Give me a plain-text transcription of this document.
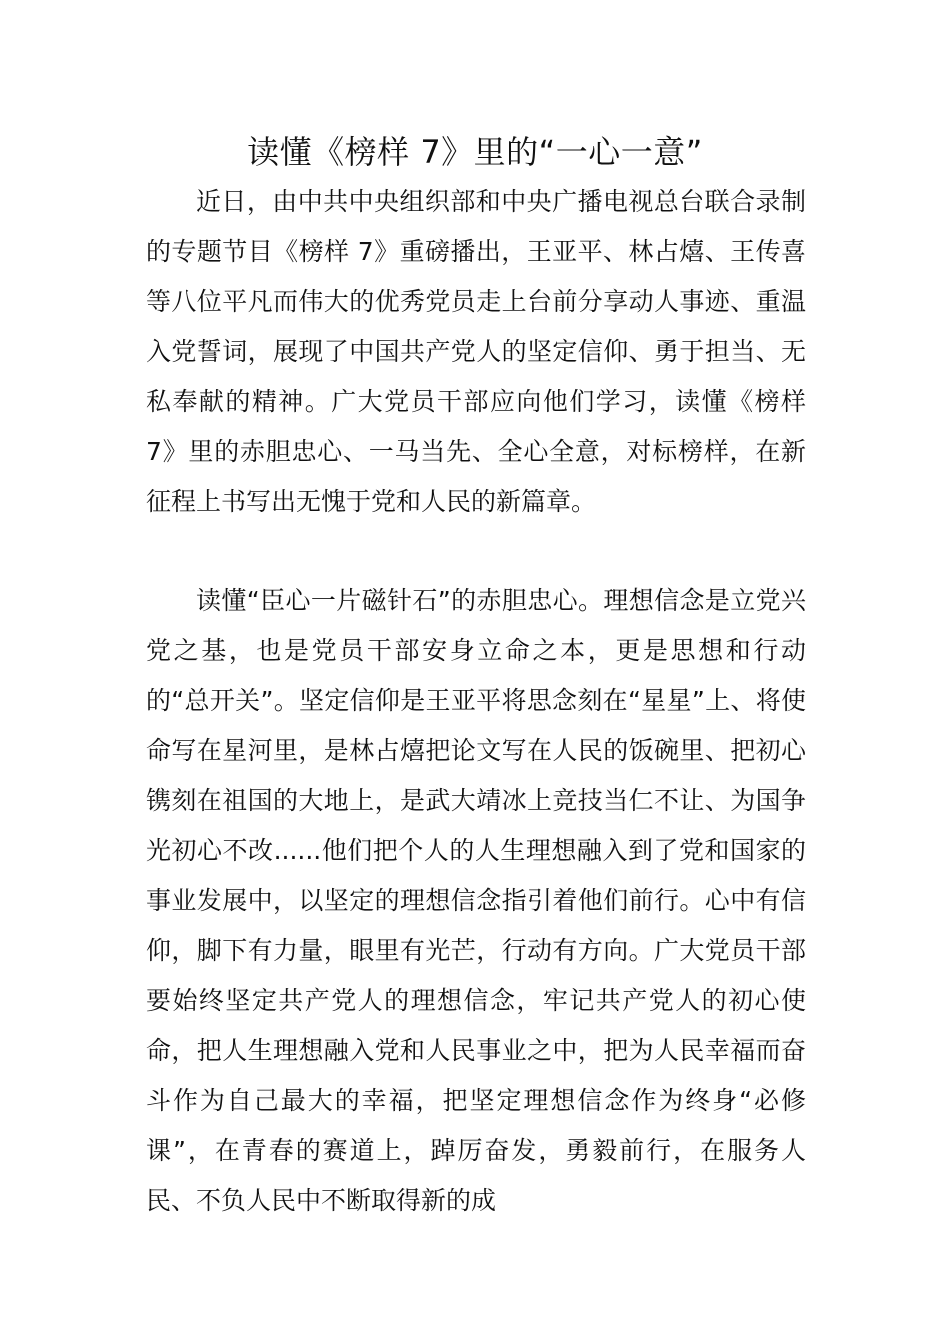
读懂《榜样 7》里的“一心一意”

近日，由中共中央组织部和中央广播电视总台联合录制的专题节目《榜样 7》重磅播出，王亚平、林占熺、王传喜等八位平凡而伟大的优秀党员走上台前分享动人事迹、重温入党誓词，展现了中国共产党人的坚定信仰、勇于担当、无私奉献的精神。广大党员干部应向他们学习，读懂《榜样 7》里的赤胆忠心、一马当先、全心全意，对标榜样，在新征程上书写出无愧于党和人民的新篇章。

读懂“臣心一片磁针石”的赤胆忠心。理想信念是立党兴党之基，也是党员干部安身立命之本，更是思想和行动的“总开关”。坚定信仰是王亚平将思念刻在“星星”上、将使命写在星河里，是林占熺把论文写在人民的饭碗里、把初心镌刻在祖国的大地上，是武大靖冰上竞技当仁不让、为国争光初心不改......他们把个人的人生理想融入到了党和国家的事业发展中，以坚定的理想信念指引着他们前行。心中有信仰，脚下有力量，眼里有光芒，行动有方向。广大党员干部要始终坚定共产党人的理想信念，牢记共产党人的初心使命，把人生理想融入党和人民事业之中，把为人民幸福而奋斗作为自己最大的幸福，把坚定理想信念作为终身“必修课”，在青春的赛道上，踔厉奋发，勇毅前行，在服务人民、不负人民中不断取得新的成
